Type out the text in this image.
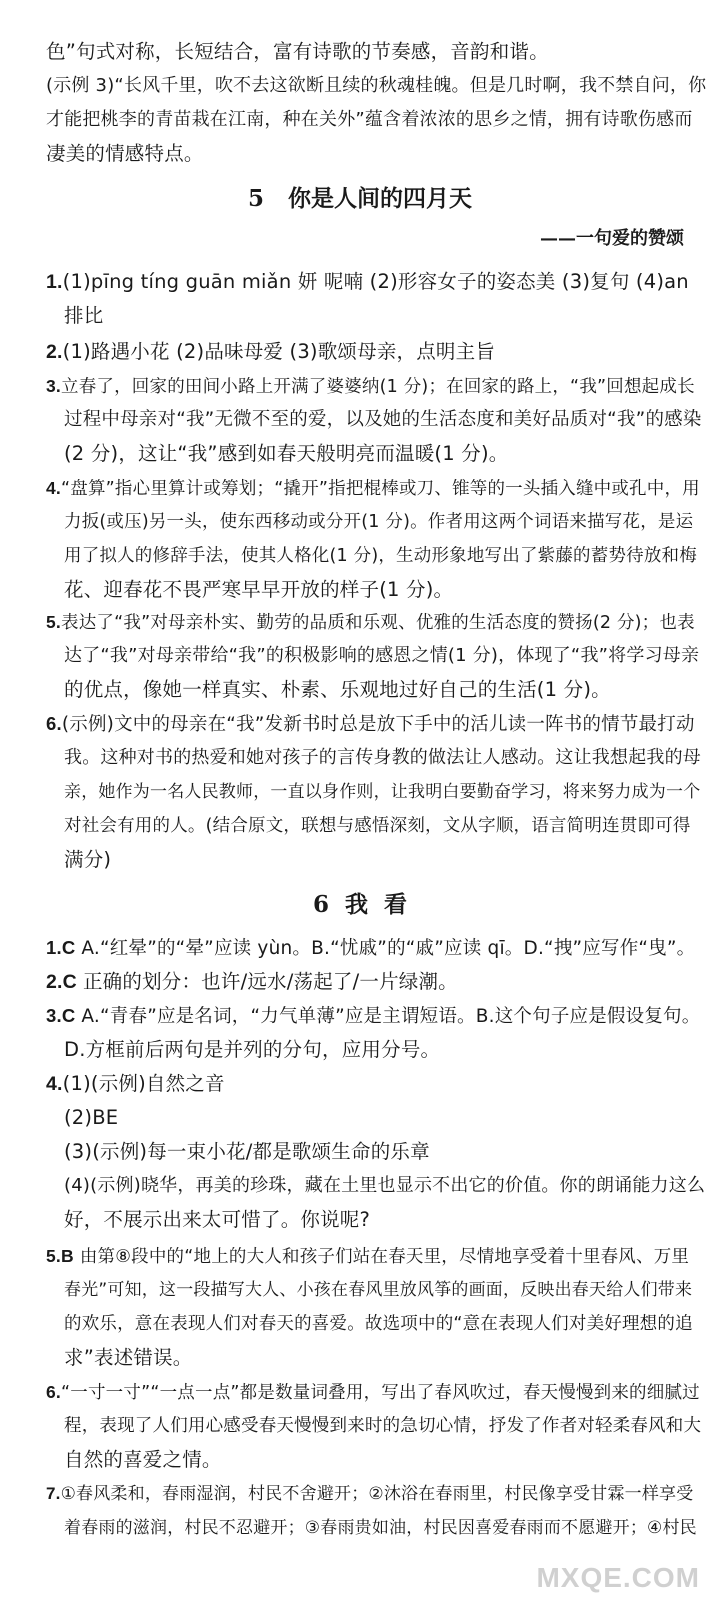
色”句式对称，长短结合，富有诗歌的节奏感，音韵和谐。
(示例 3)“长风千里，吹不去这欲断且续的秋魂桂魄。但是几时啊，我不禁自问，你
才能把桃李的青苗栽在江南，种在关外”蕴含着浓浓的思乡之情，拥有诗歌伤感而
凄美的情感特点。
5   你是人间的四月天
——一句爱的赞颂
1.(1)pīng tíng guān miǎn 妍 呢喃 (2)形容女子的姿态美 (3)复句 (4)an
排比
2.(1)路遇小花 (2)品味母爱 (3)歌颂母亲，点明主旨
3.立春了，回家的田间小路上开满了婆婆纳(1 分)；在回家的路上，“我”回想起成长
过程中母亲对“我”无微不至的爱，以及她的生活态度和美好品质对“我”的感染
(2 分)，这让“我”感到如春天般明亮而温暖(1 分)。
4.“盘算”指心里算计或筹划；“撬开”指把棍棒或刀、锥等的一头插入缝中或孔中，用
力扳(或压)另一头，使东西移动或分开(1 分)。作者用这两个词语来描写花，是运
用了拟人的修辞手法，使其人格化(1 分)，生动形象地写出了紫藤的蓄势待放和梅
花、迎春花不畏严寒早早开放的样子(1 分)。
5.表达了“我”对母亲朴实、勤劳的品质和乐观、优雅的生活态度的赞扬(2 分)；也表
达了“我”对母亲带给“我”的积极影响的感恩之情(1 分)，体现了“我”将学习母亲
的优点，像她一样真实、朴素、乐观地过好自己的生活(1 分)。
6.(示例)文中的母亲在“我”发新书时总是放下手中的活儿读一阵书的情节最打动
我。这种对书的热爱和她对孩子的言传身教的做法让人感动。这让我想起我的母
亲，她作为一名人民教师，一直以身作则，让我明白要勤奋学习，将来努力成为一个
对社会有用的人。(结合原文，联想与感悟深刻，文从字顺，语言简明连贯即可得
满分)
6  我  看
1.C A.“红晕”的“晕”应读 yùn。B.“忧戚”的“戚”应读 qī。D.“拽”应写作“曳”。
2.C 正确的划分：也许/远水/荡起了/一片绿潮。
3.C A.“青春”应是名词，“力气单薄”应是主谓短语。B.这个句子应是假设复句。
D.方框前后两句是并列的分句，应用分号。
4.(1)(示例)自然之音
(2)BE
(3)(示例)每一束小花/都是歌颂生命的乐章
(4)(示例)晓华，再美的珍珠，藏在土里也显示不出它的价值。你的朗诵能力这么
好，不展示出来太可惜了。你说呢?
5.B 由第⑧段中的“地上的大人和孩子们站在春天里，尽情地享受着十里春风、万里
春光”可知，这一段描写大人、小孩在春风里放风筝的画面，反映出春天给人们带来
的欢乐，意在表现人们对春天的喜爱。故选项中的“意在表现人们对美好理想的追
求”表述错误。
6.“一寸一寸”“一点一点”都是数量词叠用，写出了春风吹过，春天慢慢到来的细腻过
程，表现了人们用心感受春天慢慢到来时的急切心情，抒发了作者对轻柔春风和大
自然的喜爱之情。
7.①春风柔和，春雨湿润，村民不舍避开；②沐浴在春雨里，村民像享受甘霖一样享受
着春雨的滋润，村民不忍避开；③春雨贵如油，村民因喜爱春雨而不愿避开；④村民
MXQE.COM
